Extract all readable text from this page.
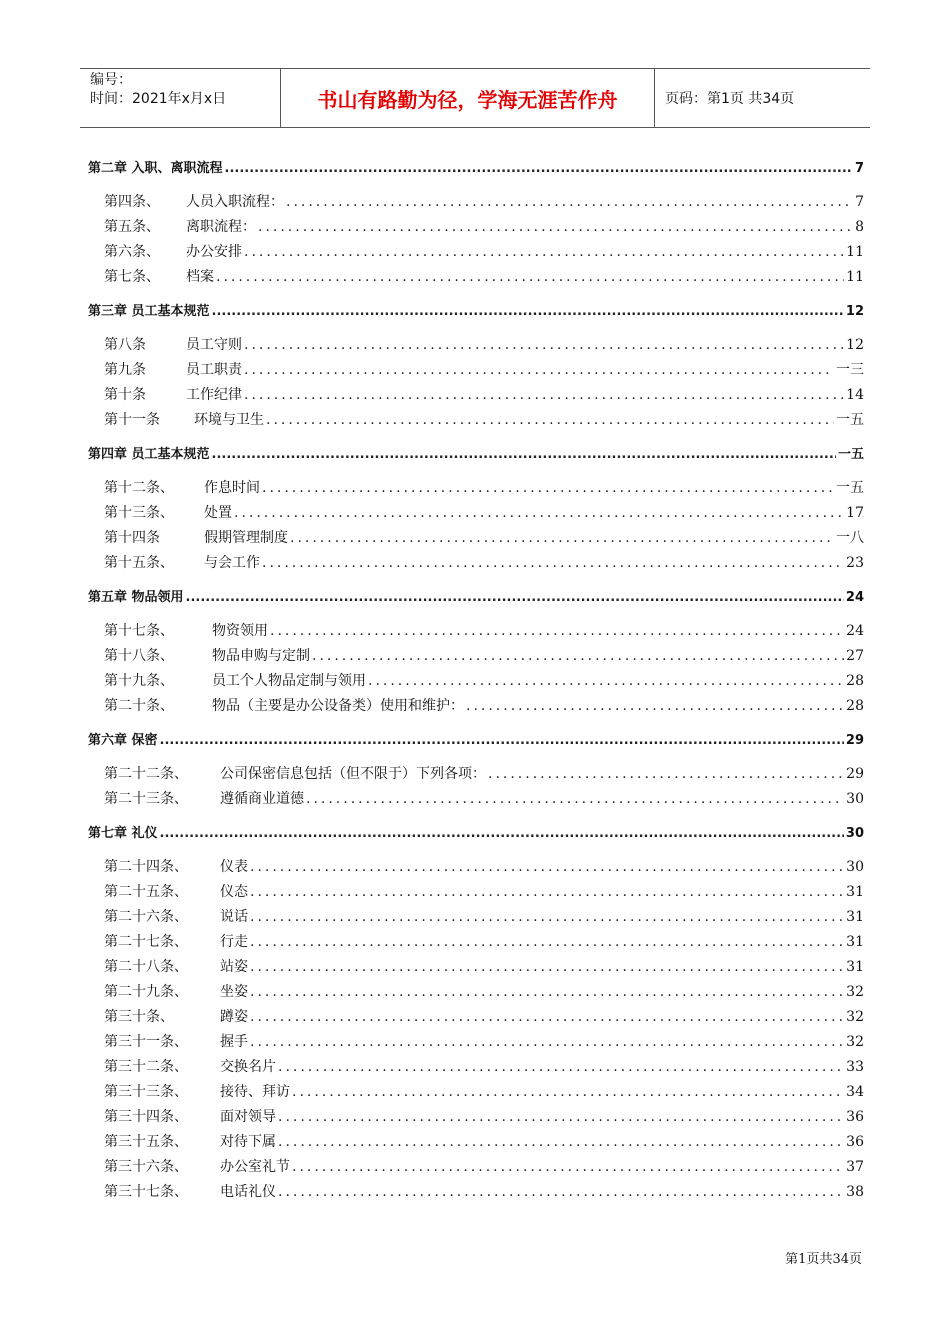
编号：
时间：2021年x月x日	书山有路勤为径，学海无涯苦作舟	页码：第1页 共34页
第二章 入职、离职流程 .....	7
第四条、	人员入职流程： .....	7
第五条、	离职流程： .....	8
第六条、	办公安排 .....	11
第七条、	档案 .....	11
第三章 员工基本规范 .....	12
第八条	员工守则 .....	12
第九条	员工职责 .....	一三
第十条	工作纪律 .....	14
第十一条	环境与卫生 .....	一五
第四章 员工基本规范 .....	一五
第十二条、	作息时间 .....	一五
第十三条、	处置 .....	17
第十四条	假期管理制度 .....	一八
第十五条、	与会工作 .....	23
第五章 物品领用 .....	24
第十七条、	物资领用 .....	24
第十八条、	物品申购与定制 .....	27
第十九条、	员工个人物品定制与领用 .....	28
第二十条、	物品（主要是办公设备类）使用和维护： .....	28
第六章 保密 .....	29
第二十二条、	公司保密信息包括（但不限于）下列各项： .....	29
第二十三条、	遵循商业道德 .....	30
第七章 礼仪 .....	30
第二十四条、	仪表 .....	30
第二十五条、	仪态 .....	31
第二十六条、	说话 .....	31
第二十七条、	行走 .....	31
第二十八条、	站姿 .....	31
第二十九条、	坐姿 .....	32
第三十条、	蹲姿 .....	32
第三十一条、	握手 .....	32
第三十二条、	交换名片 .....	33
第三十三条、	接待、拜访 .....	34
第三十四条、	面对领导 .....	36
第三十五条、	对待下属 .....	36
第三十六条、	办公室礼节 .....	37
第三十七条、	电话礼仪 .....	38
第1页共34页
